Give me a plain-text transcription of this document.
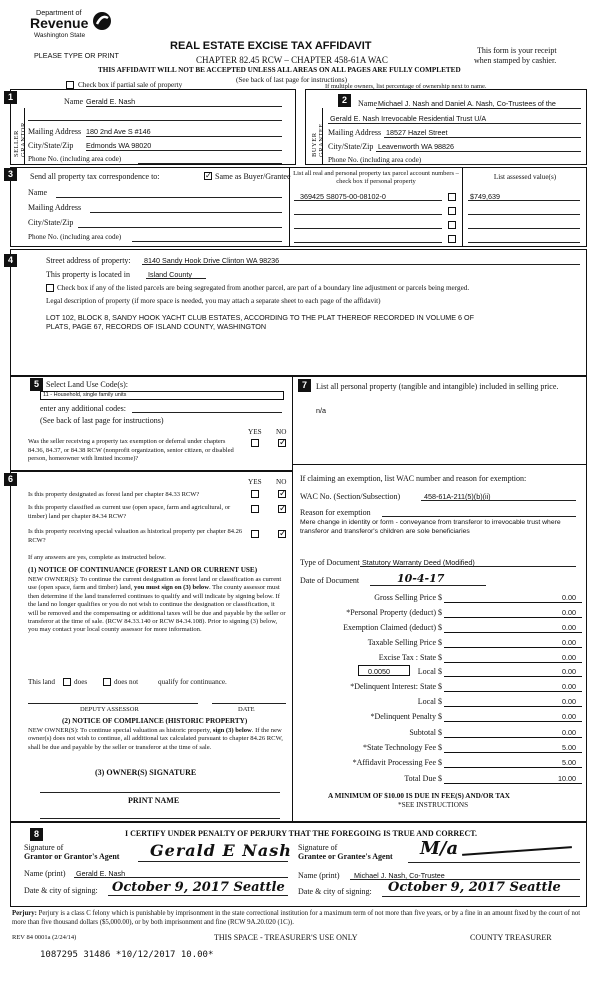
Department of
Revenue
Washington State
PLEASE TYPE OR PRINT
REAL ESTATE EXCISE TAX AFFIDAVIT
CHAPTER 82.45 RCW – CHAPTER 458-61A WAC
THIS AFFIDAVIT WILL NOT BE ACCEPTED UNLESS ALL AREAS ON ALL PAGES ARE FULLY COMPLETED
(See back of last page for instructions)
This form is your receipt
when stamped by cashier.
Check box if partial sale of property	If multiple owners, list percentage of ownership next to name.
1	2
SELLER	BUYER
Name Gerald E. Nash
Mailing Address 180 2nd Ave S #146
City/State/Zip Edmonds WA 98020
Phone No. (including area code)
Name Michael J. Nash and Daniel A. Nash, Co-Trustees of the
Gerald E. Nash Irrevocable Residential Trust U/A
Mailing Address 18527 Hazel Street
City/State/Zip Leavenworth WA 98826
Phone No. (including area code)
3	Send all property tax correspondence to:	✓ Same as Buyer/Grantee List all real and personal property tax parcel account numbers – check box if personal property
List assessed value(s)
Name
Mailing Address
City/State/Zip
Phone No. (including area code)
369425 S8075-00-08102-0	$749,639
4	Street address of property: 8140 Sandy Hook Drive Clinton WA 98236
This property is located in	Island County
Check box if any of the listed parcels are being segregated from another parcel, are part of a boundary line adjustment or parcels being merged.
Legal description of property (if more space is needed, you may attach a separate sheet to each page of the affidavit)
LOT 102, BLOCK 8, SANDY HOOK YACHT CLUB ESTATES, ACCORDING TO THE PLAT THEREOF RECORDED IN VOLUME 6 OF
PLATS, PAGE 67, RECORDS OF ISLAND COUNTY, WASHINGTON
5 Select Land Use Code(s):
11 - Household, single family units
enter any additional codes:
(See back of last page for instructions)
YES NO
Was the seller receiving a property tax exemption or deferral under chapters 84.36, 84.37, or 84.38 RCW (nonprofit organization, senior citizen, or disabled person, homeowner with limited income)?
✓
6	YES NO
Is this property designated as forest land per chapter 84.33 RCW?	✓
Is this property classified as current use (open space, farm and agricultural, or timber) land per chapter 84.34 RCW?
✓
Is this property receiving special valuation as historical property per chapter 84.26 RCW?
✓
If any answers are yes, complete as instructed below.
(1) NOTICE OF CONTINUANCE (FOREST LAND OR CURRENT USE)
NEW OWNER(S): To continue the current designation as forest land or classification as current use (open space, farm and timber) land, you must sign on (3) below. The county assessor must then determine if the land transferred continues to qualify and will indicate by signing below. If the land no longer qualifies or you do not wish to continue the designation or classification, it will be removed and the compensating or additional taxes will be due and payable by the seller or transferor at the time of sale. (RCW 84.33.140 or RCW 84.34.108). Prior to signing (3) below, you may contact your local county assessor for more information.
This land	does	does not	qualify for continuance.
DEPUTY ASSESSOR	DATE
(2) NOTICE OF COMPLIANCE (HISTORIC PROPERTY)
NEW OWNER(S): To continue special valuation as historic property, sign (3) below. If the new owner(s) does not wish to continue, all additional tax calculated pursuant to chapter 84.26 RCW, shall be due and payable by the seller or transferor at the time of sale.
(3) OWNER(S) SIGNATURE
PRINT NAME
7	List all personal property (tangible and intangible) included in selling price.
n/a
If claiming an exemption, list WAC number and reason for exemption:
WAC No. (Section/Subsection)	458-61A-211(5)(b)(ii)
Reason for exemption
Mere change in identity or form - conveyance from transferor to irrevocable trust where transferor and transferor's children are sole beneficiaries
Type of Document Statutory Warranty Deed (Modified)
Date of Document	10-4-17
Gross Selling Price $	0.00
*Personal Property (deduct) $	0.00
Exemption Claimed (deduct) $	0.00
Taxable Selling Price $	0.00
Excise Tax : State $	0.00
Local $	0.00
*Delinquent Interest: State $	0.00
Local $	0.00
*Delinquent Penalty $	0.00
Subtotal $	0.00
*State Technology Fee $	5.00
*Affidavit Processing Fee $	5.00
Total Due $	10.00
0.0050
A MINIMUM OF $10.00 IS DUE IN FEE(S) AND/OR TAX
*SEE INSTRUCTIONS
8	I CERTIFY UNDER PENALTY OF PERJURY THAT THE FOREGOING IS TRUE AND CORRECT.
Signature of
Grantor or Grantor's Agent Gerald E Nash
Name (print) Gerald E. Nash
Date & city of signing: October 9, 2017 Seattle
Signature of
Grantee or Grantee's Agent M/a
Name (print) Michael J. Nash, Co-Trustee
Date & city of signing: October 9, 2017 Seattle
Perjury: Perjury is a class C felony which is punishable by imprisonment in the state correctional institution for a maximum term of not more than five years, or by a fine in an amount fixed by the court of not more than five thousand dollars ($5,000.00), or by both imprisonment and fine (RCW 9A.20.020 (1C)).
REV 84 0001a (2/24/14)	THIS SPACE - TREASURER'S USE ONLY	COUNTY TREASURER
1087295 31486 *10/12/2017 10.00*
